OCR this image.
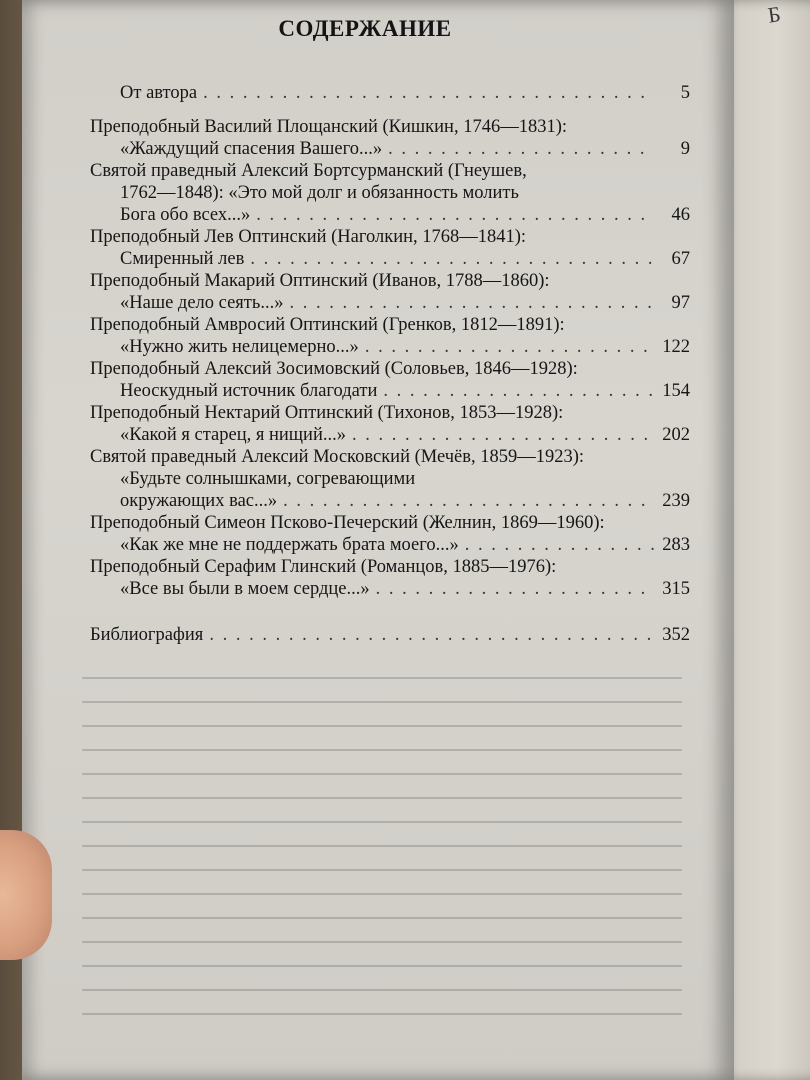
Б
СОДЕРЖАНИЕ
От автора . . .	5
Преподобный Василий Площанский (Кишкин, 1746—1831):
«Жаждущий спасения Вашего...» . . .	9
Святой праведный Алексий Бортсурманский (Гнеушев,
1762—1848): «Это мой долг и обязанность молить
Бога обо всех...» . . .	46
Преподобный Лев Оптинский (Наголкин, 1768—1841):
Смиренный лев . . .	67
Преподобный Макарий Оптинский (Иванов, 1788—1860):
«Наше дело сеять...» . . .	97
Преподобный Амвросий Оптинский (Гренков, 1812—1891):
«Нужно жить нелицемерно...» . . .	122
Преподобный Алексий Зосимовский (Соловьев, 1846—1928):
Неоскудный источник благодати . . .	154
Преподобный Нектарий Оптинский (Тихонов, 1853—1928):
«Какой я старец, я нищий...» . . .	202
Святой праведный Алексий Московский (Мечёв, 1859—1923):
«Будьте солнышками, согревающими
окружающих вас...» . . .	239
Преподобный Симеон Псково-Печерский (Желнин, 1869—1960):
«Как же мне не поддержать брата моего...» . . .	283
Преподобный Серафим Глинский (Романцов, 1885—1976):
«Все вы были в моем сердце...» . . .	315
Библиография . . .	352
